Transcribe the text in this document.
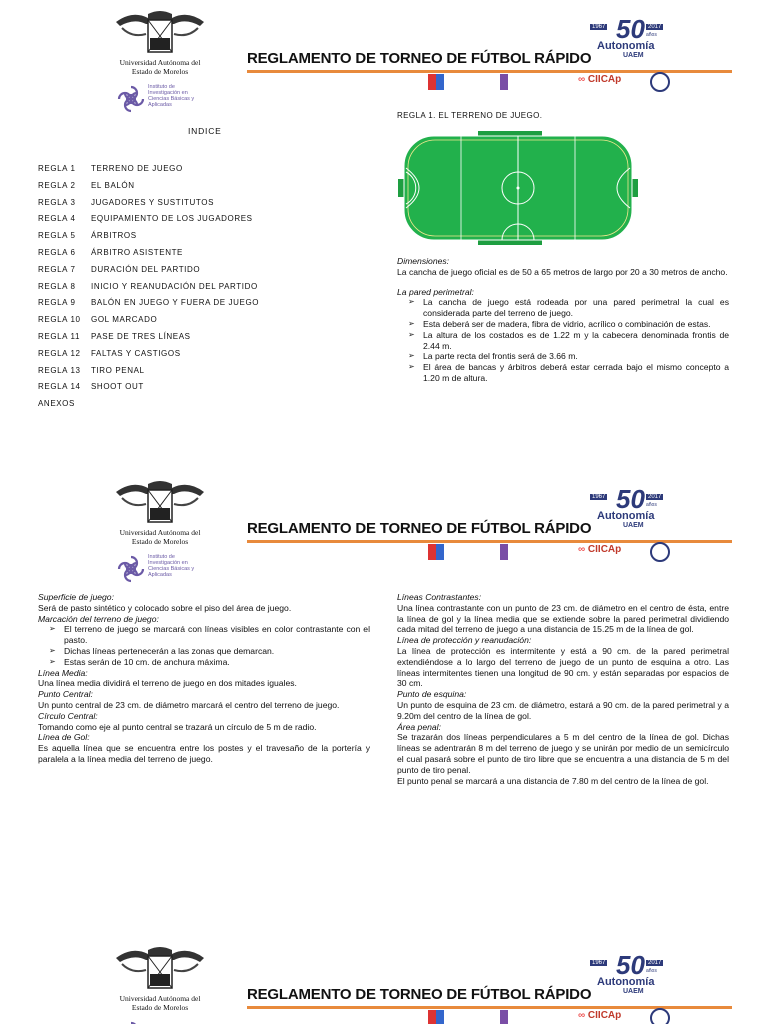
Universidad Autónoma del
Estado de Morelos
Instituto de Investigación en Ciencias Básicas y Aplicadas
REGLAMENTO DE TORNEO DE FÚTBOL RÁPIDO
1967 50 años
2017
Autonomía
UAEM
∞ CIICAp
INDICE
REGLA 1	TERRENO DE JUEGO
REGLA 2	EL BALÓN
REGLA 3	JUGADORES Y SUSTITUTOS
REGLA 4	EQUIPAMIENTO DE LOS JUGADORES
REGLA 5	ÁRBITROS
REGLA 6	ÁRBITRO ASISTENTE
REGLA 7	DURACIÓN DEL PARTIDO
REGLA 8	INICIO Y REANUDACIÓN DEL PARTIDO
REGLA 9	BALÓN EN JUEGO Y FUERA DE JUEGO
REGLA 10	GOL MARCADO
REGLA 11	PASE DE TRES LÍNEAS
REGLA 12	FALTAS Y CASTIGOS
REGLA 13	TIRO PENAL
REGLA 14	SHOOT OUT
ANEXOS
REGLA 1. EL TERRENO DE JUEGO.

Dimensiones:

La cancha de juego oficial es de 50 a 65 metros de largo por 20 a 30 metros de ancho.

La pared perimetral:

➢ La cancha de juego está rodeada por una pared perimetral la cual es considerada parte del terreno de juego.
➢ Esta deberá ser de madera, fibra de vidrio, acrílico o combinación de estas.
➢ La altura de los costados es de 1.22 m y la cabecera denominada frontis de 2.44 m.
➢ La parte recta del frontis será de 3.66 m.
➢ El área de bancas y árbitros deberá estar cerrada bajo el mismo concepto a 1.20 m de altura.
Universidad Autónoma del
Estado de Morelos
Instituto de Investigación en Ciencias Básicas y Aplicadas
REGLAMENTO DE TORNEO DE FÚTBOL RÁPIDO
1967 50 años
2017
Autonomía
UAEM
∞ CIICAp

Superficie de juego:

Será de pasto sintético y colocado sobre el piso del área de juego.

Marcación del terreno de juego:

➢ El terreno de juego se marcará con líneas visibles en color contrastante con el pasto.
➢ Dichas líneas pertenecerán a las zonas que demarcan.
➢ Estas serán de 10 cm. de anchura máxima.

Línea Media:

Una línea media dividirá el terreno de juego en dos mitades iguales.

Punto Central:

Un punto central de 23 cm. de diámetro marcará el centro del terreno de juego.

Círculo Central:

Tomando como eje al punto central se trazará un círculo de 5 m de radio.

Línea de Gol:

Es aquella línea que se encuentra entre los postes y el travesaño de la portería y paralela a la línea media del terreno de juego.

Líneas Contrastantes:

Una línea contrastante con un punto de 23 cm. de diámetro en el centro de ésta, entre la línea de gol y la línea media que se extiende sobre la pared perimetral dividiendo cada mitad del terreno de juego a una distancia de 15.25 m de la línea de gol.

Línea de protección y reanudación:

La línea de protección es intermitente y está a 90 cm. de la pared perimetral extendiéndose a lo largo del terreno de juego de un punto de esquina a otro. Las líneas intermitentes tienen una longitud de 90 cm. y están separadas por espacios de 30 cm.

Punto de esquina:

Un punto de esquina de 23 cm. de diámetro, estará a 90 cm. de la pared perimetral y a 9.20m del centro de la línea de gol.

Área penal:

Se trazarán dos líneas perpendiculares a 5 m del centro de la línea de gol. Dichas líneas se adentrarán 8 m del terreno de juego y se unirán por medio de un semicírculo el cual pasará sobre el punto de tiro libre que se encuentra a una distancia de 5 m del punto de tiro penal.

El punto penal se marcará a una distancia de 7.80 m del centro de la línea de gol.

Universidad Autónoma del
Estado de Morelos
REGLAMENTO DE TORNEO DE FÚTBOL RÁPIDO
1967 50 años
2017
Autonomía
UAEM
∞ CIICAp
